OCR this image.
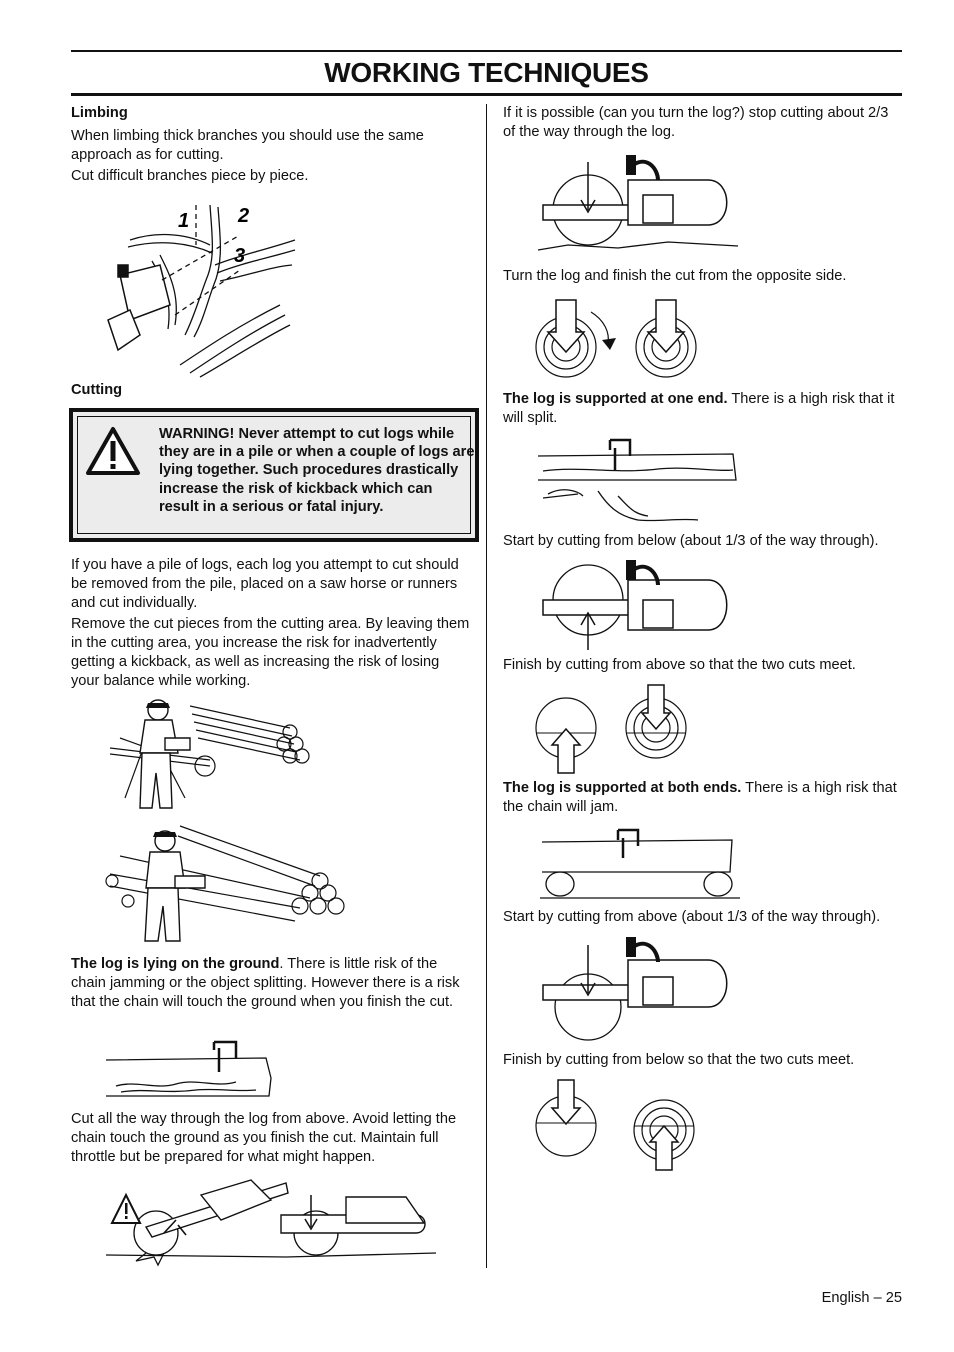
WORKING TECHNIQUES

Limbing

When limbing thick branches you should use the same approach as for cutting.

Cut difficult branches piece by piece.

1 2
3

Cutting

WARNING! Never attempt to cut logs while they are in a pile or when a couple of logs are lying together. Such procedures drastically increase the risk of kickback which can result in a serious or fatal injury.

If you have a pile of logs, each log you attempt to cut should be removed from the pile, placed on a saw horse or runners and cut individually.

Remove the cut pieces from the cutting area. By leaving them in the cutting area, you increase the risk for inadvertently getting a kickback, as well as increasing the risk of losing your balance while working.

The log is lying on the ground. There is little risk of the chain jamming or the object splitting. However there is a risk that the chain will touch the ground when you finish the cut.

Cut all the way through the log from above. Avoid letting the chain touch the ground as you finish the cut. Maintain full throttle but be prepared for what might happen.

If it is possible (can you turn the log?) stop cutting about 2/3 of the way through the log.

Turn the log and finish the cut from the opposite side.

The log is supported at one end. There is a high risk that it will split.

Start by cutting from below (about 1/3 of the way through).

Finish by cutting from above so that the two cuts meet.

The log is supported at both ends. There is a high risk that the chain will jam.

Start by cutting from above (about 1/3 of the way through).

Finish by cutting from below so that the two cuts meet.

English – 25
